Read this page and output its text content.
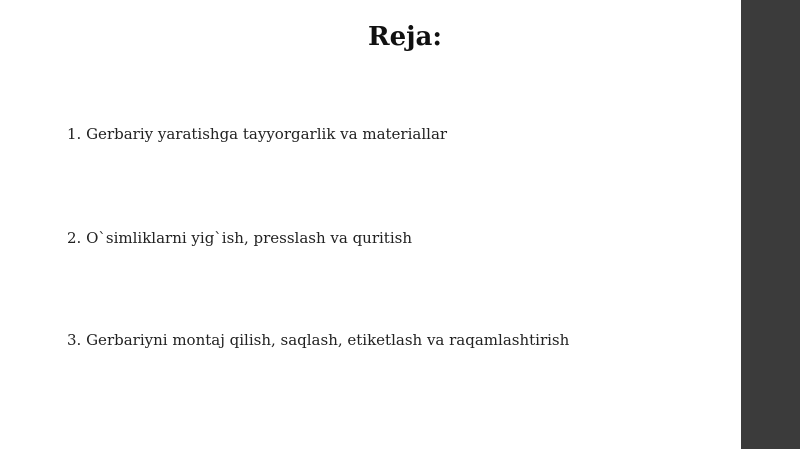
Reja:
1. Gerbariy yaratishga tayyorgarlik va materiallar
2. O`simliklarni yig`ish, presslash va quritish
3. Gerbariyni montaj qilish, saqlash, etiketlash va raqamlashtirish
